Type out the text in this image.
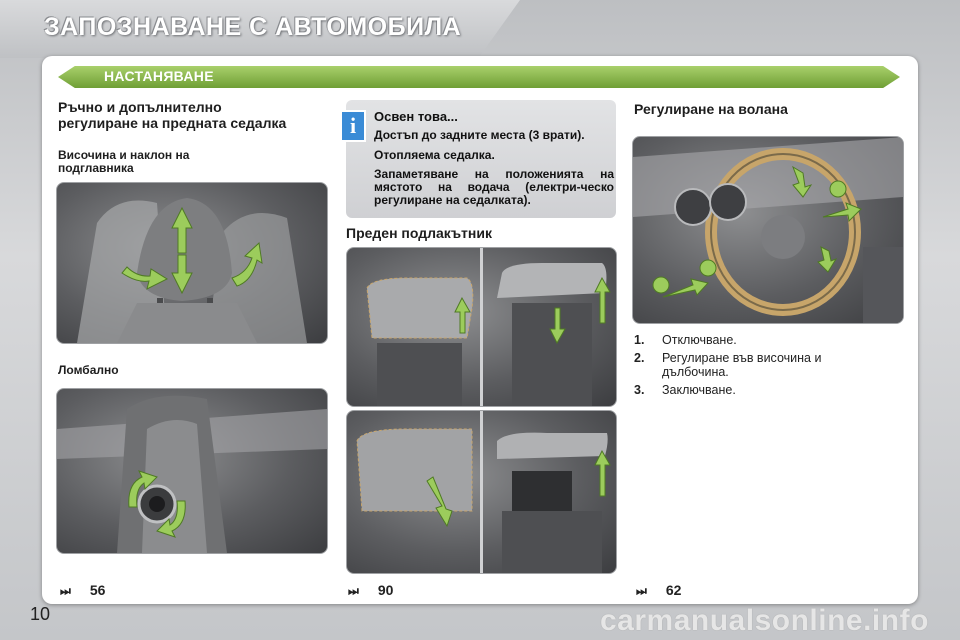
ЗАПОЗНАВАНЕ С АВТОМОБИЛА
НАСТАНЯВАНЕ
Ръчно и допълнително регулиране на предната седалка
Височина и наклон на подглавника
Ломбално
⏭ 56
i	Освен това...
Достъп до задните места (3 врати).
Отопляема седалка.
Запаметяване на положенията на мястото на водача (електри-ческо регулиране на седалката).
Преден подлакътник
⏭ 90
Регулиране на волана
1. Отключване.
2. Регулиране във височина и дълбочина.
3. Заключване.
⏭ 62
10	carmanualsonline.info
